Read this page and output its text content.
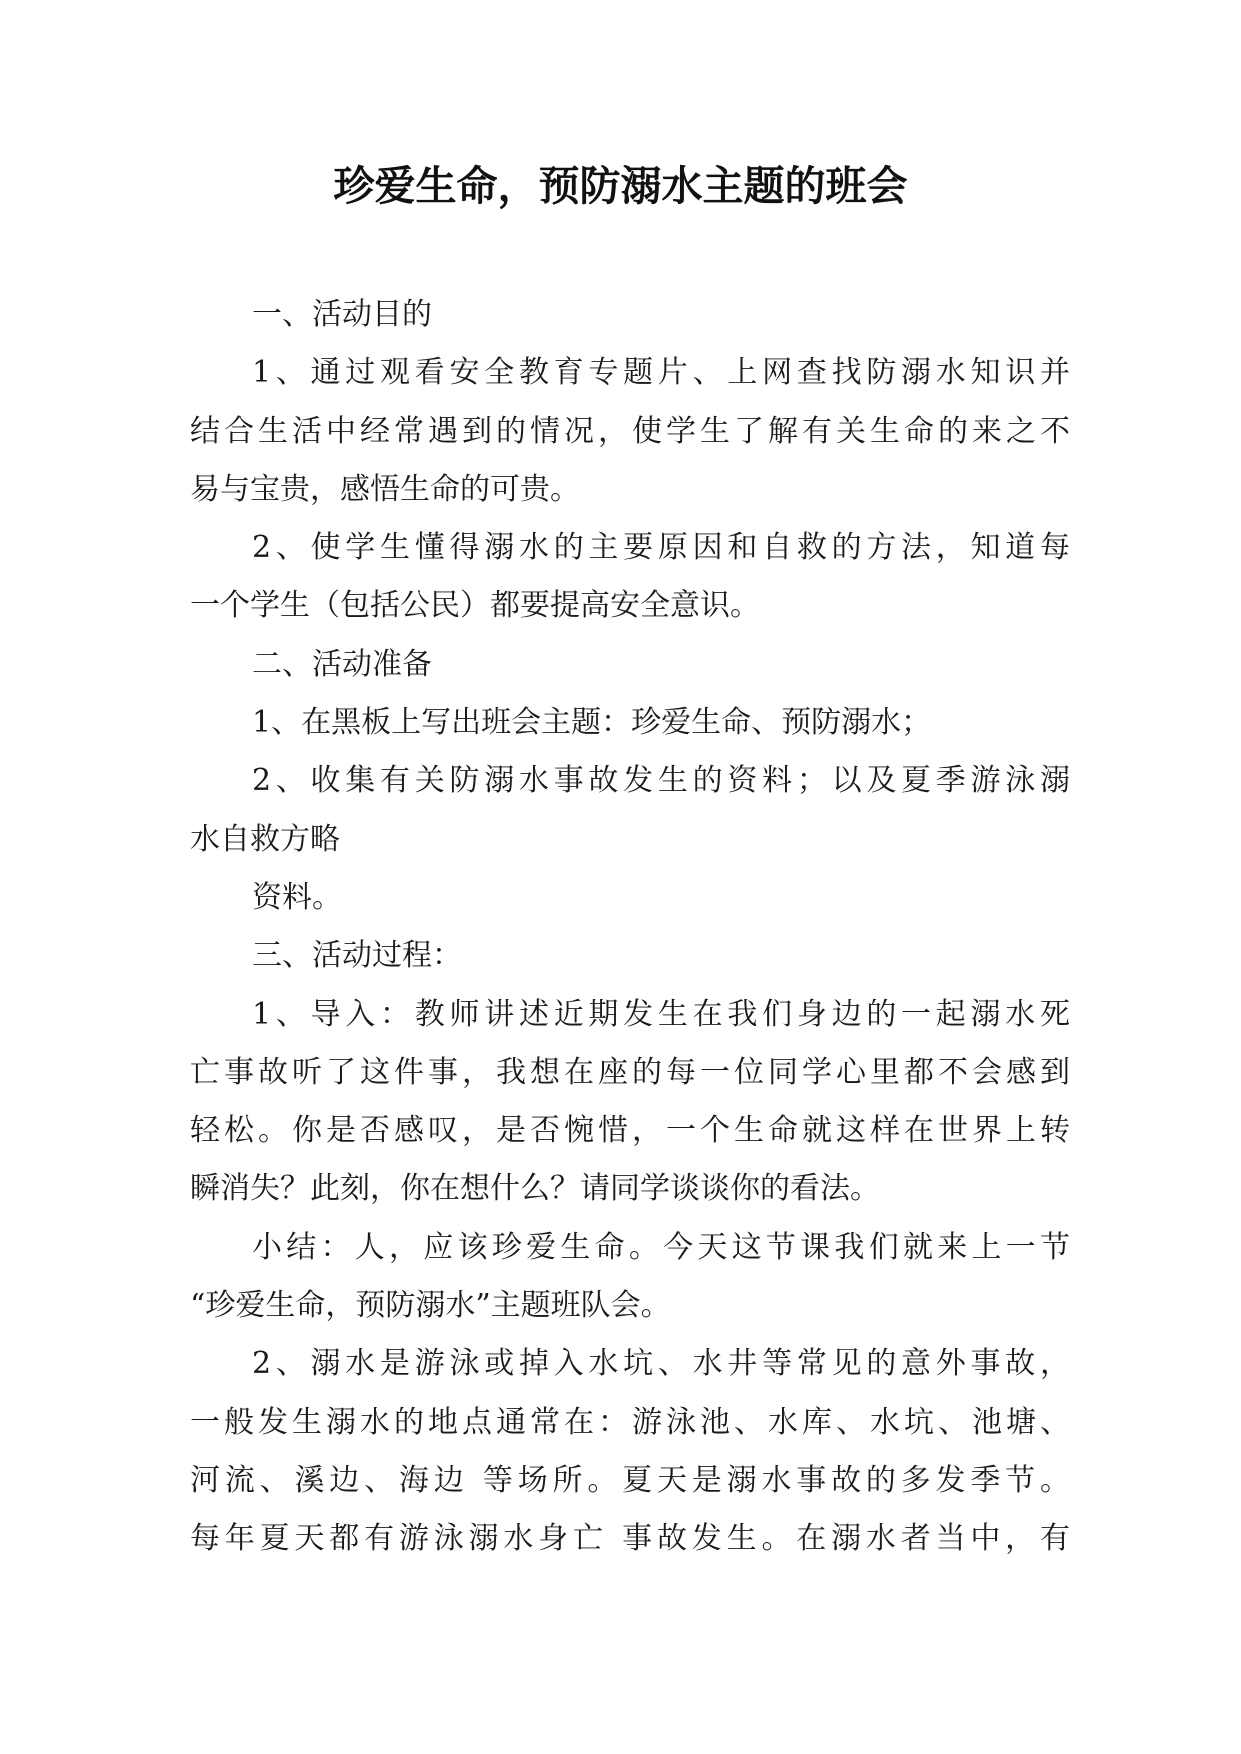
珍爱生命，预防溺水主题的班会

一、活动目的

1、通过观看安全教育专题片、上网查找防溺水知识并
结合生活中经常遇到的情况，使学生了解有关生命的来之不
易与宝贵，感悟生命的可贵。

2、使学生懂得溺水的主要原因和自救的方法，知道每
一个学生（包括公民）都要提高安全意识。

二、活动准备

1、在黑板上写出班会主题：珍爱生命、预防溺水；

2、收集有关防溺水事故发生的资料；以及夏季游泳溺
水自救方略

资料。

三、活动过程：

1、导入：教师讲述近期发生在我们身边的一起溺水死
亡事故听了这件事，我想在座的每一位同学心里都不会感到
轻松。你是否感叹，是否惋惜，一个生命就这样在世界上转
瞬消失？此刻，你在想什么？请同学谈谈你的看法。

小结：人，应该珍爱生命。今天这节课我们就来上一节
“珍爱生命，预防溺水”主题班队会。

2、溺水是游泳或掉入水坑、水井等常见的意外事故，
一般发生溺水的地点通常在：游泳池、水库、水坑、池塘、
河流、溪边、海边 等场所。夏天是溺水事故的多发季节。
每年夏天都有游泳溺水身亡 事故发生。在溺水者当中，有
